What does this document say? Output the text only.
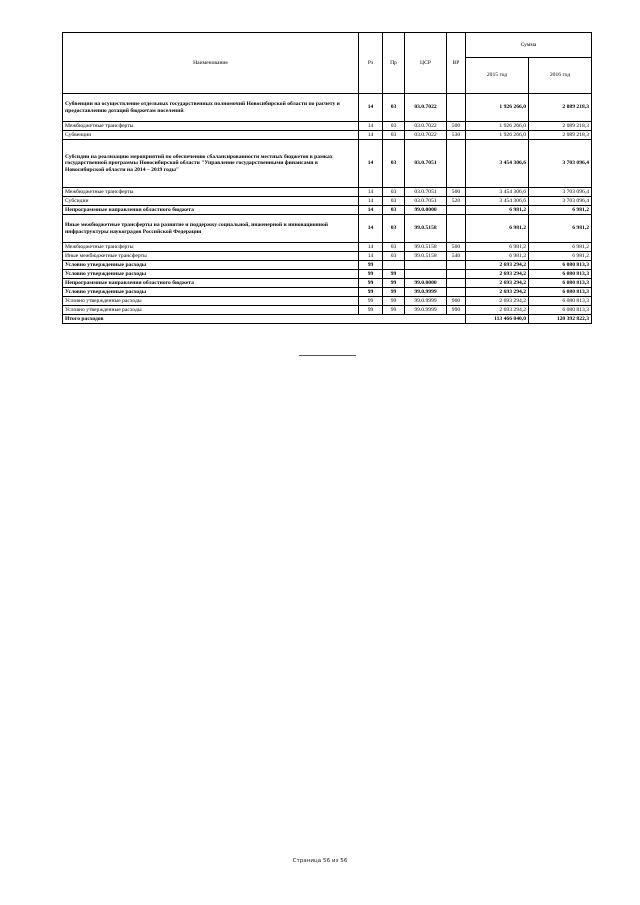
Наименование	Рз	Пр	ЦСР	ВР	Сумма	
					2015 год	2016 год
Субвенции на осуществление отдельных государственных полномочий Новосибирской области по расчету и предоставлению дотаций бюджетам поселений	14	03	03.0.7022		1 926 266,0	2 089 218,3
Межбюджетные трансферты	14	03	03.0.7022	500	1 926 266,0	2 089 218,3
Субвенции	14	03	03.0.7022	530	1 926 266,0	2 089 218,3
Субсидии на реализацию мероприятий по обеспечению сбалансированности местных бюджетов в рамках государственной программы Новосибирской области "Управление государственными финансами в Новосибирской области на 2014 – 2019 годы"	14	03	03.0.7051		3 454 306,6	3 703 096,4
Межбюджетные трансферты	14	03	03.0.7051	500	3 454 306,6	3 703 096,4
Субсидии	14	03	03.0.7051	520	3 454 306,6	3 703 096,4
Непрограммные направления областного бюджета	14	03	99.0.0000		6 981,2	6 981,2
Иные межбюджетные трансферты на развитие и поддержку социальной, инженерной и инновационной инфраструктуры наукоградов Российской Федерации	14	03	99.0.5158		6 981,2	6 981,2
Межбюджетные трансферты	14	03	99.0.5158	500	6 981,2	6 981,2
Иные межбюджетные трансферты	14	03	99.0.5158	540	6 981,2	6 981,2
Условно утвержденные расходы	99				2 693 294,2	6 080 813,3
Условно утвержденные расходы	99	99			2 693 294,2	6 080 813,3
Непрограммные направления областного бюджета	99	99	99.0.0000		2 693 294,2	6 080 813,3
Условно утвержденные расходы	99	99	99.0.9999		2 693 294,2	6 080 813,3
Условно утвержденные расходы	99	99	99.0.9999	900	2 693 294,2	6 080 813,3
Условно утвержденные расходы	99	99	99.0.9999	990	2 693 294,2	6 080 813,3
Итого расходов					113 466 040,0	120 392 822,3
Страница 56 из 56
